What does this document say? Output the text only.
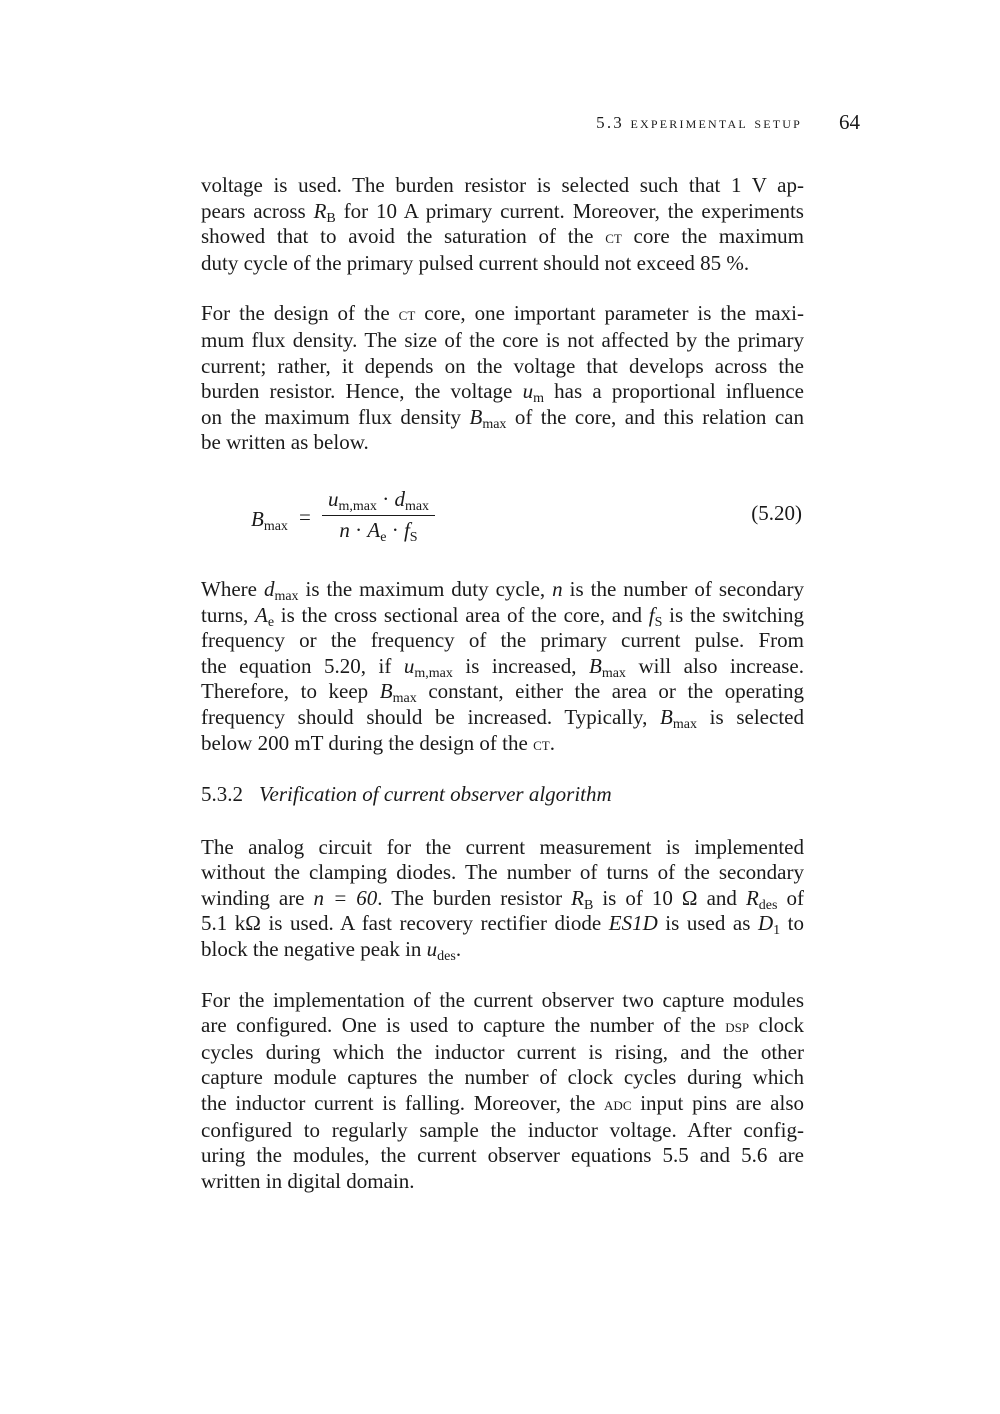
5.3 experimental setup 64

voltage is used. The burden resistor is selected such that 1 V ap-
pears across $R_B$ for 10 A primary current. Moreover, the experiments
showed that to avoid the saturation of the ct core the maximum
duty cycle of the primary pulsed current should not exceed 85 %.

For the design of the ct core, one important parameter is the maxi-
mum flux density. The size of the core is not affected by the primary
current; rather, it depends on the voltage that develops across the
burden resistor. Hence, the voltage $u_m$ has a proportional influence
on the maximum flux density $B_{max}$ of the core, and this relation can
be written as below.

$B_{max}$ =
$u_{m,max} \cdot d_{max}$
$n \cdot A_e \cdot f_S$
(5.20)

Where $d_{max}$ is the maximum duty cycle, n is the number of secondary
turns, $A_e$ is the cross sectional area of the core, and $f_S$ is the switching
frequency or the frequency of the primary current pulse. From
the equation 5.20, if $u_{m,max}$ is increased, $B_{max}$ will also increase.
Therefore, to keep $B_{max}$ constant, either the area or the operating
frequency should should be increased. Typically, $B_{max}$ is selected
below 200 mT during the design of the ct.

5.3.2 Verification of current observer algorithm

The analog circuit for the current measurement is implemented
without the clamping diodes. The number of turns of the secondary
winding are n = 60. The burden resistor $R_B$ is of 10 Ω and $R_{des}$ of
5.1 kΩ is used. A fast recovery rectifier diode ES1D is used as $D_1$ to
block the negative peak in $u_{des}$.

For the implementation of the current observer two capture modules
are configured. One is used to capture the number of the dsp clock
cycles during which the inductor current is rising, and the other
capture module captures the number of clock cycles during which
the inductor current is falling. Moreover, the adc input pins are also
configured to regularly sample the inductor voltage. After config-
uring the modules, the current observer equations 5.5 and 5.6 are
written in digital domain.
